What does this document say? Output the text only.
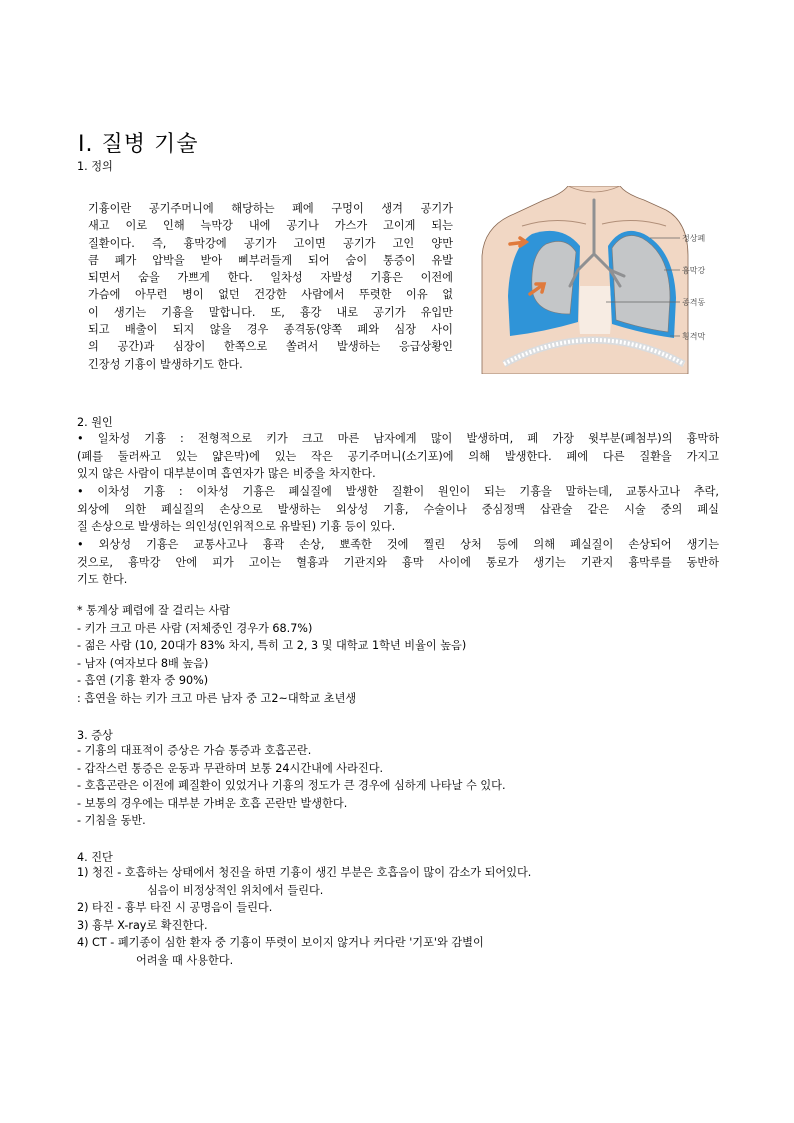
Ⅰ. 질병 기술
1. 정의
기흉이란 공기주머니에 해당하는 폐에 구멍이 생겨 공기가
새고 이로 인해 늑막강 내에 공기나 가스가 고이게 되는
질환이다. 즉, 흉막강에 공기가 고이면 공기가 고인 양만
큼 폐가 압박을 받아 삐부러들게 되어 숨이 통증이 유발
되면서 숨을 가쁘게 한다. 일차성 자발성 기흉은 이전에
가슴에 아무런 병이 없던 건강한 사람에서 뚜렷한 이유 없
이 생기는 기흉을 말합니다. 또, 흉강 내로 공기가 유입만
되고 배출이 되지 않을 경우 종격동(양쪽 폐와 심장 사이
의 공간)과 심장이 한쪽으로 쏠려서 발생하는 응급상황인
긴장성 기흉이 발생하기도 한다.
정상폐
흉막강
종격동
횡격막
2. 원인
• 일차성 기흉 : 전형적으로 키가 크고 마른 남자에게 많이 발생하며, 폐 가장 윗부분(폐첨부)의 흉막하
(폐를 둘러싸고 있는 얇은막)에 있는 작은 공기주머니(소기포)에 의해 발생한다. 폐에 다른 질환을 가지고
있지 않은 사람이 대부분이며 흡연자가 많은 비중을 차지한다.
• 이차성 기흉 : 이차성 기흉은 폐실질에 발생한 질환이 원인이 되는 기흉을 말하는데, 교통사고나 추락,
외상에 의한 폐실질의 손상으로 발생하는 외상성 기흉, 수술이나 중심정맥 삽관술 같은 시술 중의 폐실
질 손상으로 발생하는 의인성(인위적으로 유발된) 기흉 등이 있다.
• 외상성 기흉은 교통사고나 흉곽 손상, 뾰족한 것에 찔린 상처 등에 의해 폐실질이 손상되어 생기는
것으로, 흉막강 안에 피가 고이는 혈흉과 기관지와 흉막 사이에 통로가 생기는 기관지 흉막루를 동반하
기도 한다.
* 통계상 폐렴에 잘 걸리는 사람
- 키가 크고 마른 사람 (저체중인 경우가 68.7%)
- 젊은 사람 (10, 20대가 83% 차지, 특히 고 2, 3 및 대학교 1학년 비율이 높음)
- 남자 (여자보다 8배 높음)
- 흡연 (기흉 환자 중 90%)
: 흡연을 하는 키가 크고 마른 남자 중 고2~대학교 초년생
3. 증상
- 기흉의 대표적이 증상은 가슴 통증과 호흡곤란.
- 갑작스런 통증은 운동과 무관하며 보통 24시간내에 사라진다.
- 호흡곤란은 이전에 폐질환이 있었거나 기흉의 정도가 큰 경우에 심하게 나타날 수 있다.
- 보통의 경우에는 대부분 가벼운 호흡 곤란만 발생한다.
- 기침을 동반.
4. 진단
1) 청진 - 호흡하는 상태에서 청진을 하면 기흉이 생긴 부분은 호흡음이 많이 감소가 되어있다.
심음이 비정상적인 위치에서 들린다.
2) 타진 - 흉부 타진 시 공명음이 들린다.
3) 흉부 X-ray로 확진한다.
4) CT - 폐기종이 심한 환자 중 기흉이 뚜렷이 보이지 않거나 커다란 '기포'와 감별이
어려울 때 사용한다.
